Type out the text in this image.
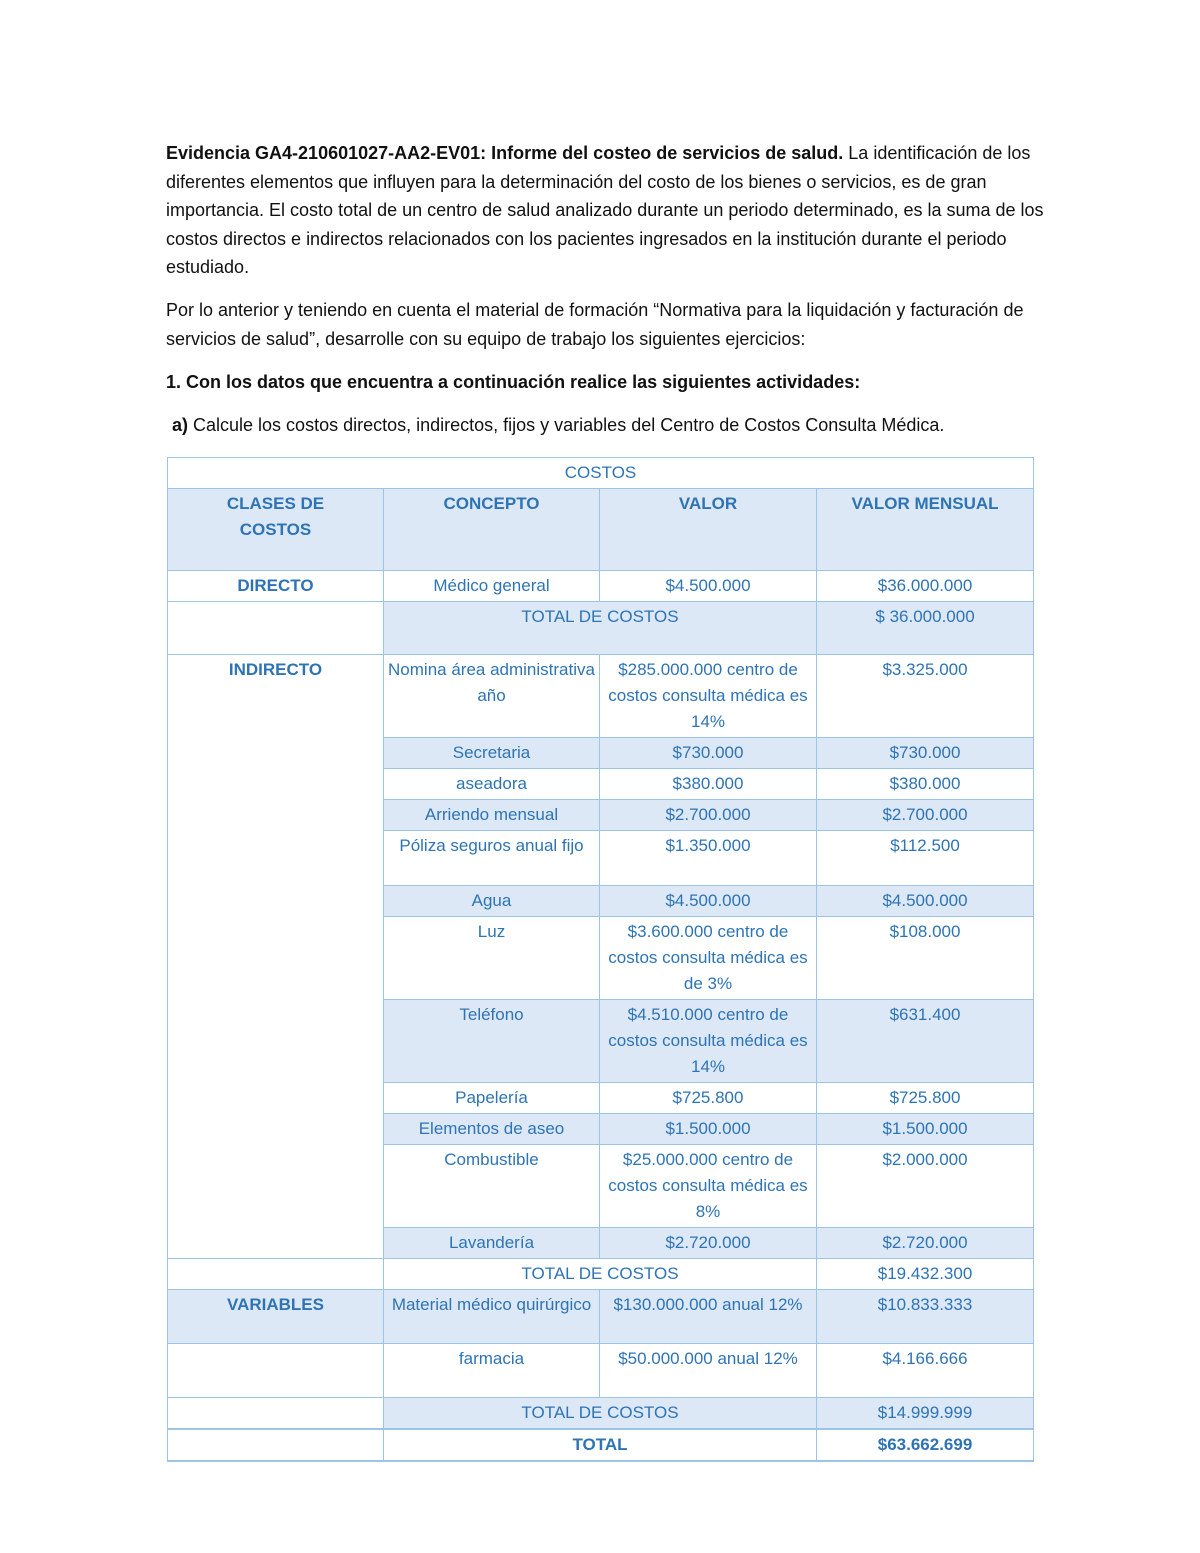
Evidencia GA4-210601027-AA2-EV01: Informe del costeo de servicios de salud. La identificación de los diferentes elementos que influyen para la determinación del costo de los bienes o servicios, es de gran importancia. El costo total de un centro de salud analizado durante un periodo determinado, es la suma de los costos directos e indirectos relacionados con los pacientes ingresados en la institución durante el periodo estudiado.
Por lo anterior y teniendo en cuenta el material de formación “Normativa para la liquidación y facturación de servicios de salud”, desarrolle con su equipo de trabajo los siguientes ejercicios:
1. Con los datos que encuentra a continuación realice las siguientes actividades:
a) Calcule los costos directos, indirectos, fijos y variables del Centro de Costos Consulta Médica.
COSTOS			
CLASES DE COSTOS	CONCEPTO	VALOR	VALOR MENSUAL
DIRECTO	Médico general	$4.500.000	$36.000.000
	TOTAL DE COSTOS		$ 36.000.000
INDIRECTO	Nomina área administrativa año	$285.000.000 centro de costos consulta médica es 14%	$3.325.000
	Secretaria	$730.000	$730.000
	aseadora	$380.000	$380.000
	Arriendo mensual	$2.700.000	$2.700.000
	Póliza seguros anual fijo	$1.350.000	$112.500
	Agua	$4.500.000	$4.500.000
	Luz	$3.600.000 centro de costos consulta médica es de 3%	$108.000
	Teléfono	$4.510.000 centro de costos consulta médica es 14%	$631.400
	Papelería	$725.800	$725.800
	Elementos de aseo	$1.500.000	$1.500.000
	Combustible	$25.000.000 centro de costos consulta médica es 8%	$2.000.000
	Lavandería	$2.720.000	$2.720.000
	TOTAL DE COSTOS		$19.432.300
VARIABLES	Material médico quirúrgico	$130.000.000 anual 12%	$10.833.333
	farmacia	$50.000.000 anual 12%	$4.166.666
	TOTAL DE COSTOS		$14.999.999
	TOTAL		$63.662.699
